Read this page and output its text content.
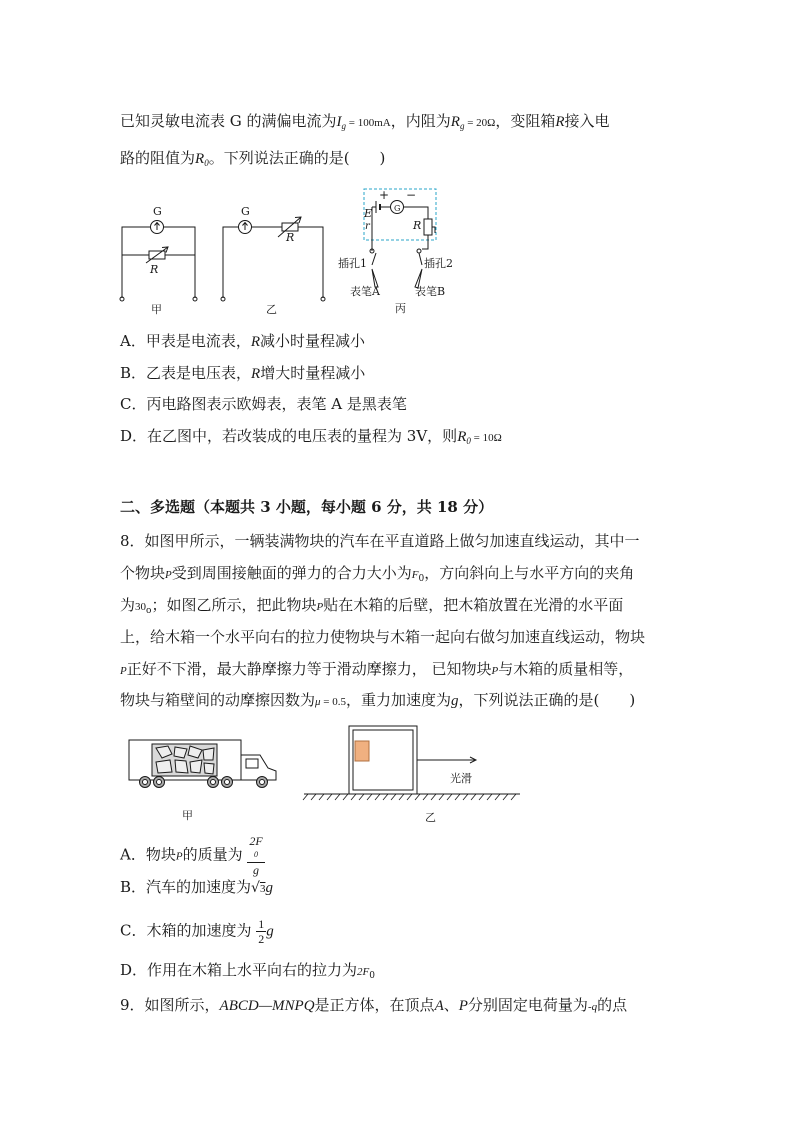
已知灵敏电流表 G 的满偏电流为$I_g = 100mA$，内阻为$R_g = 20\Omega$，变阻箱R接入电
路的阻值为$R_0$。下列说法正确的是(　　)
G
R
甲
G
R
乙
E
r
+ −
G
R
插孔1	插孔2
表笔A	表笔B
丙
A．甲表是电流表，R减小时量程减小
B．乙表是电压表，R增大时量程减小
C．丙电路图表示欧姆表，表笔 A 是黑表笔
D．在乙图中，若改装成的电压表的量程为 3V，则$R_0 = 10\Omega$
二、多选题（本题共 3 小题，每小题 6 分，共 18 分）
8．如图甲所示，一辆装满物块的汽车在平直道路上做匀加速直线运动，其中一
个物块P受到周围接触面的弹力的合力大小为$F_0$，方向斜向上与水平方向的夹角
为$30_o$；如图乙所示，把此物块P贴在木箱的后壁，把木箱放置在光滑的水平面
上，给木箱一个水平向右的拉力使物块与木箱一起向右做匀加速直线运动，物块
P正好不下滑，最大静摩擦力等于滑动摩擦力， 已知物块P与木箱的质量相等，
物块与箱壁间的动摩擦因数为μ = 0.5，重力加速度为g，下列说法正确的是(　　)
光滑
甲	乙
A．物块P的质量为 2F
0
g
B．汽车的加速度为√3g
C．木箱的加速度为 $\frac{1}{2}$ g
D．作用在木箱上水平向右的拉力为$2F_0$
9．如图所示，ABCD—MNPQ是正方体，在顶点A、P分别固定电荷量为-q的点
